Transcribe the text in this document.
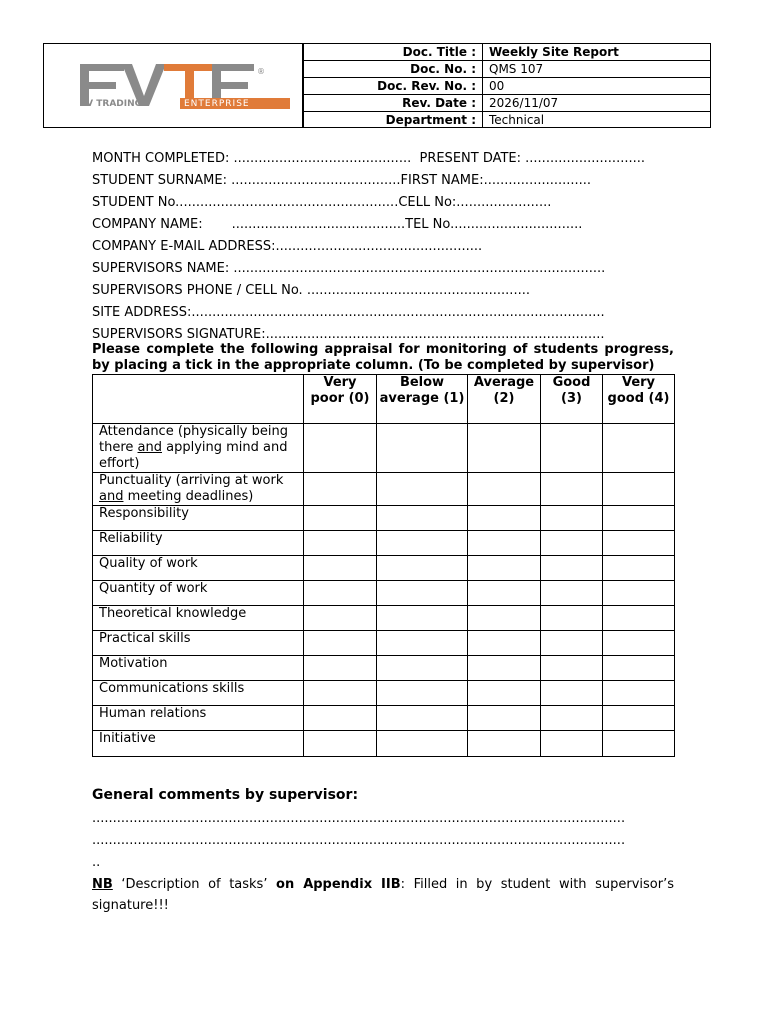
®
FV TRADING	ENTERPRISE
FVTE	Doc. Title :	Weekly Site Report
Doc. No. :	QMS 107
Doc. Rev. No. :	00
Rev. Date :	2026/11/07
Department :	Technical
MONTH COMPLETED: ...........................................  PRESENT DATE: .............................
STUDENT SURNAME: .........................................FIRST NAME:..........................
STUDENT No......................................................CELL No:.......................
COMPANY NAME:       ..........................................TEL No................................
COMPANY E-MAIL ADDRESS:..................................................
SUPERVISORS NAME: ..........................................................................................
SUPERVISORS PHONE / CELL No. ......................................................
SITE ADDRESS:....................................................................................................
SUPERVISORS SIGNATURE:..................................................................................
Please complete the following appraisal for monitoring of students progress, by placing a tick in the appropriate column. (To be completed by supervisor)
	Very poor (0)	Below average (1)	Average (2)	Good (3)	Very good (4)
Attendance (physically being there and applying mind and effort)					
Punctuality (arriving at work and meeting deadlines)					
Responsibility					
Reliability					
Quality of work					
Quantity of work					
Theoretical knowledge					
Practical skills					
Motivation					
Communications skills					
Human relations					
Initiative					
General comments by supervisor:
.................................................................................................................................
.................................................................................................................................
..
NB ‘Description of tasks’ on Appendix IIB: Filled in by student with supervisor’s signature!!!
